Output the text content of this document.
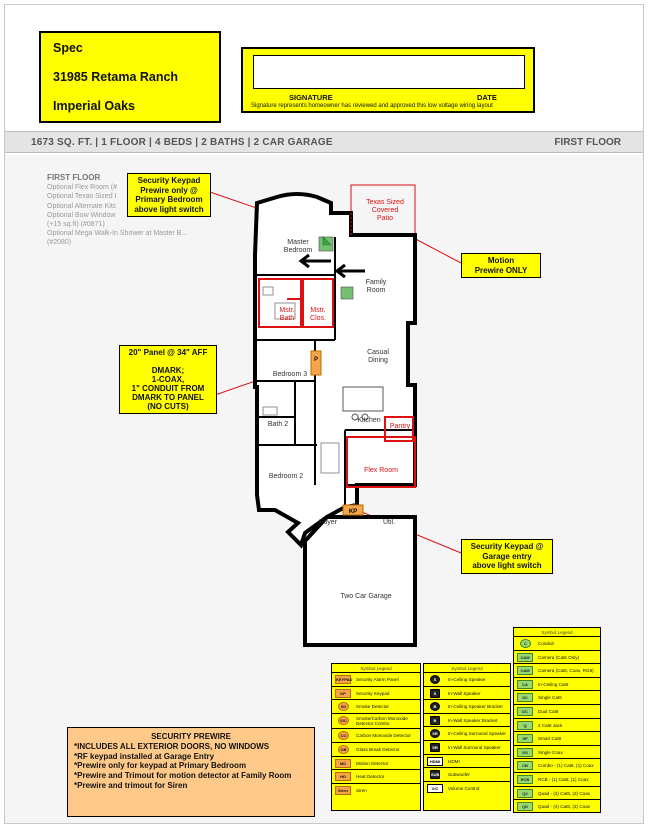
Spec
31985 Retama Ranch
Imperial Oaks
SIGNATURE	DATE
Signature represents homeowner has reviewed and approved this low voltage wiring layout
1673 SQ. FT. | 1 FLOOR | 4 BEDS | 2 BATHS | 2 CAR GARAGE	FIRST FLOOR
KP
FIRST FLOOR
Optional Flex Room (#
Optional Texas Sized I
Optional Alternate Kitc
Optional Bow Window
(+15 sq.ft) (#0871)
Optional Mega Walk-In Shower at Master B...
(#2080)
Texas Sized
Covered
Patio
Master
Bedroom
Family
Room
Mstr.
Bath
Mstr.
Clos.
Casual
Dining
Bedroom 3
Kitchen
Pantry
Bath 2
Flex Room
Bedroom 2
Foyer	Util.
Two Car Garage
Security Keypad
Prewire only @
Primary Bedroom
above light switch
Motion
Prewire ONLY
20" Panel @ 34" AFF

DMARK;
1-COAX,
1" CONDUIT FROM
DMARK TO PANEL
(NO CUTS)
Security Keypad @
Garage entry
above light switch
SECURITY PREWIRE
*INCLUDES ALL EXTERIOR DOORS, NO WINDOWS
*RF keypad installed at Garage Entry
*Prewire only for keypad at Primary Bedroom
*Prewire and Trimout for motion detector at Family Room
*Prewire and trimout for Siren
Symbol Legend
KEYPAD Security Alarm Panel
KP	Security Keypad
SD	Smoke Detector
S/C	Smoke/Carbon Monoxide Detector Combo
CO	Carbon Monoxide Detector
GB	Glass Break Detector
MD	Motion Detector
HD	Heat Detector
Siren	Siren
Symbol Legend
S	In-Ceiling Speaker
S	In-Wall Speaker
B	In-Ceiling Speaker Bracket
B	In-Wall Speaker Bracket
SR	In-Ceiling Surround Speaker
SR	In-Wall Surround Speaker
HDMI	HDMI
SUB Subwoofer
V/C	Volume Control
Symbol Legend
C	Conduit
CAM	Camera (Cat6 Only)
CAM	Camera (Cat6, Coax, RG6)
CA	In-Ceiling Cat6
SC	Single Cat6
DC	Dual Cat6
Q	4 Cat6 Jack
SP	Smart Cat6
SG	Single Coax
CB	Combo - (1) Cat6, (1) Coax
RCB	RCB - (1) Cat6, (1) Coax
Q2	Quad - (2) Cat6, (2) Coax
QD	Quad - (4) Cat6, (2) Coax
P
